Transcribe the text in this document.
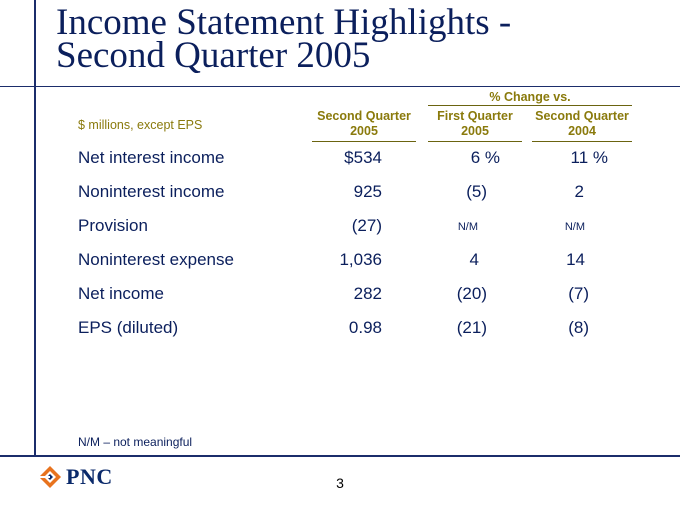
Income Statement Highlights -
Second Quarter 2005
$ millions, except EPS
% Change vs.
Second Quarter
2005
First Quarter
2005
Second Quarter
2004
Net interest income	$534	6 %	11 %
Noninterest income	925	(5)	2
Provision	(27)	N/M	N/M
Noninterest expense	1,036	4	14
Net income	282	(20)	(7)
EPS (diluted)	0.98	(21)	(8)
N/M – not meaningful
PNC	3
